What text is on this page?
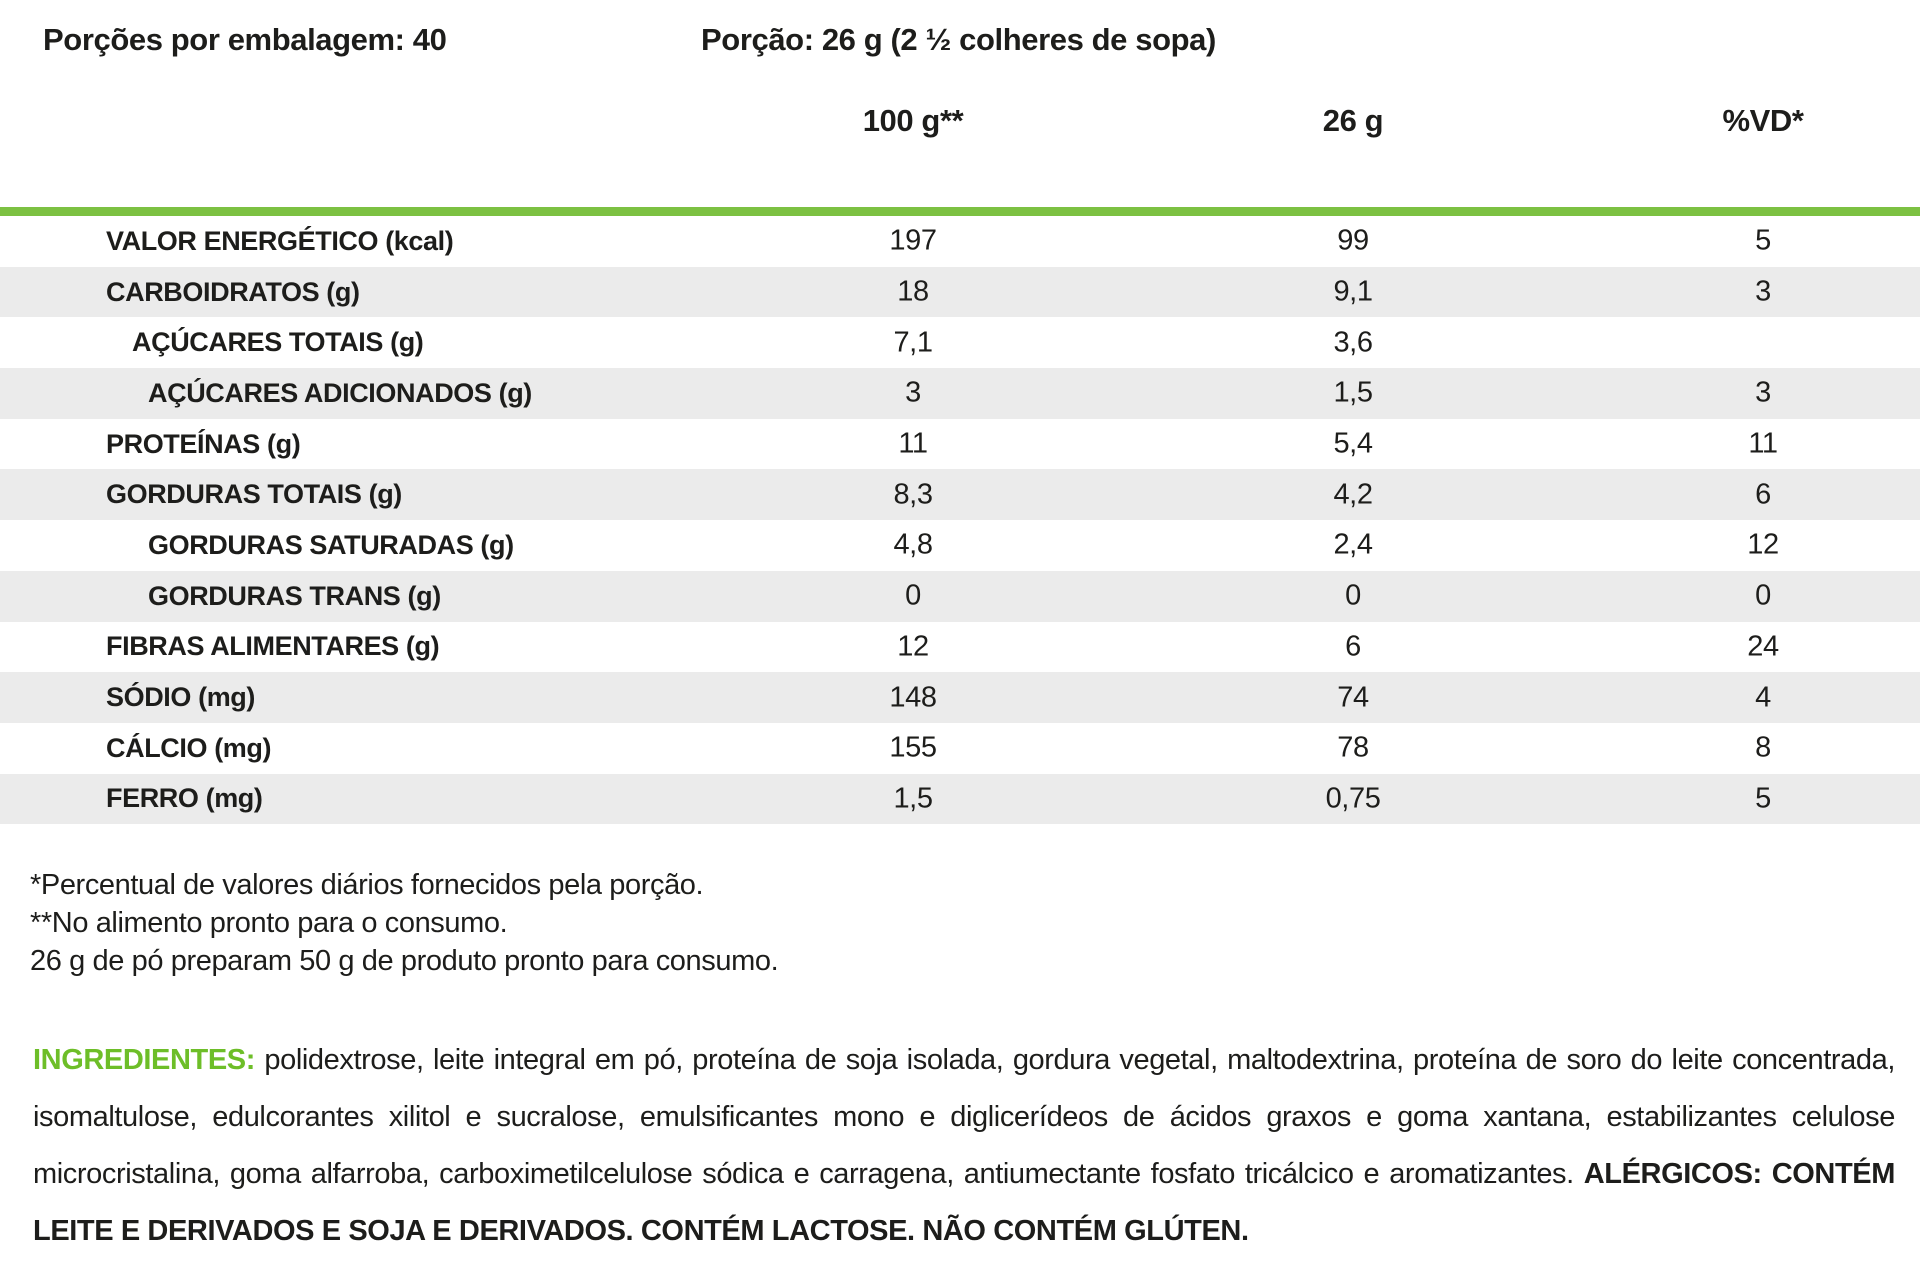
Porções por embalagem: 40	Porção: 26 g (2 ½ colheres de sopa)
100 g**	26 g	%VD*
VALOR ENERGÉTICO (kcal)	197	99	5
CARBOIDRATOS (g)	18	9,1	3
AÇÚCARES TOTAIS (g)	7,1	3,6
AÇÚCARES ADICIONADOS (g)	3	1,5	3
PROTEÍNAS (g)	11	5,4	11
GORDURAS TOTAIS (g)	8,3	4,2	6
GORDURAS SATURADAS (g)	4,8	2,4	12
GORDURAS TRANS (g)	0	0	0
FIBRAS ALIMENTARES (g)	12	6	24
SÓDIO (mg)	148	74	4
CÁLCIO (mg)	155	78	8
FERRO (mg)	1,5	0,75	5
*Percentual de valores diários fornecidos pela porção.
**No alimento pronto para o consumo.
26 g de pó preparam 50 g de produto pronto para consumo.
INGREDIENTES: polidextrose, leite integral em pó, proteína de soja isolada, gordura vegetal, maltodextrina, proteína de soro do leite concentrada, isomaltulose, edulcorantes xilitol e sucralose, emulsificantes mono e diglicerídeos de ácidos graxos e goma xantana, estabilizantes celulose microcristalina, goma alfarroba, carboximetilcelulose sódica e carragena, antiumectante fosfato tricálcico e aromatizantes. ALÉRGICOS: CONTÉM LEITE E DERIVADOS E SOJA E DERIVADOS. CONTÉM LACTOSE. NÃO CONTÉM GLÚTEN.
